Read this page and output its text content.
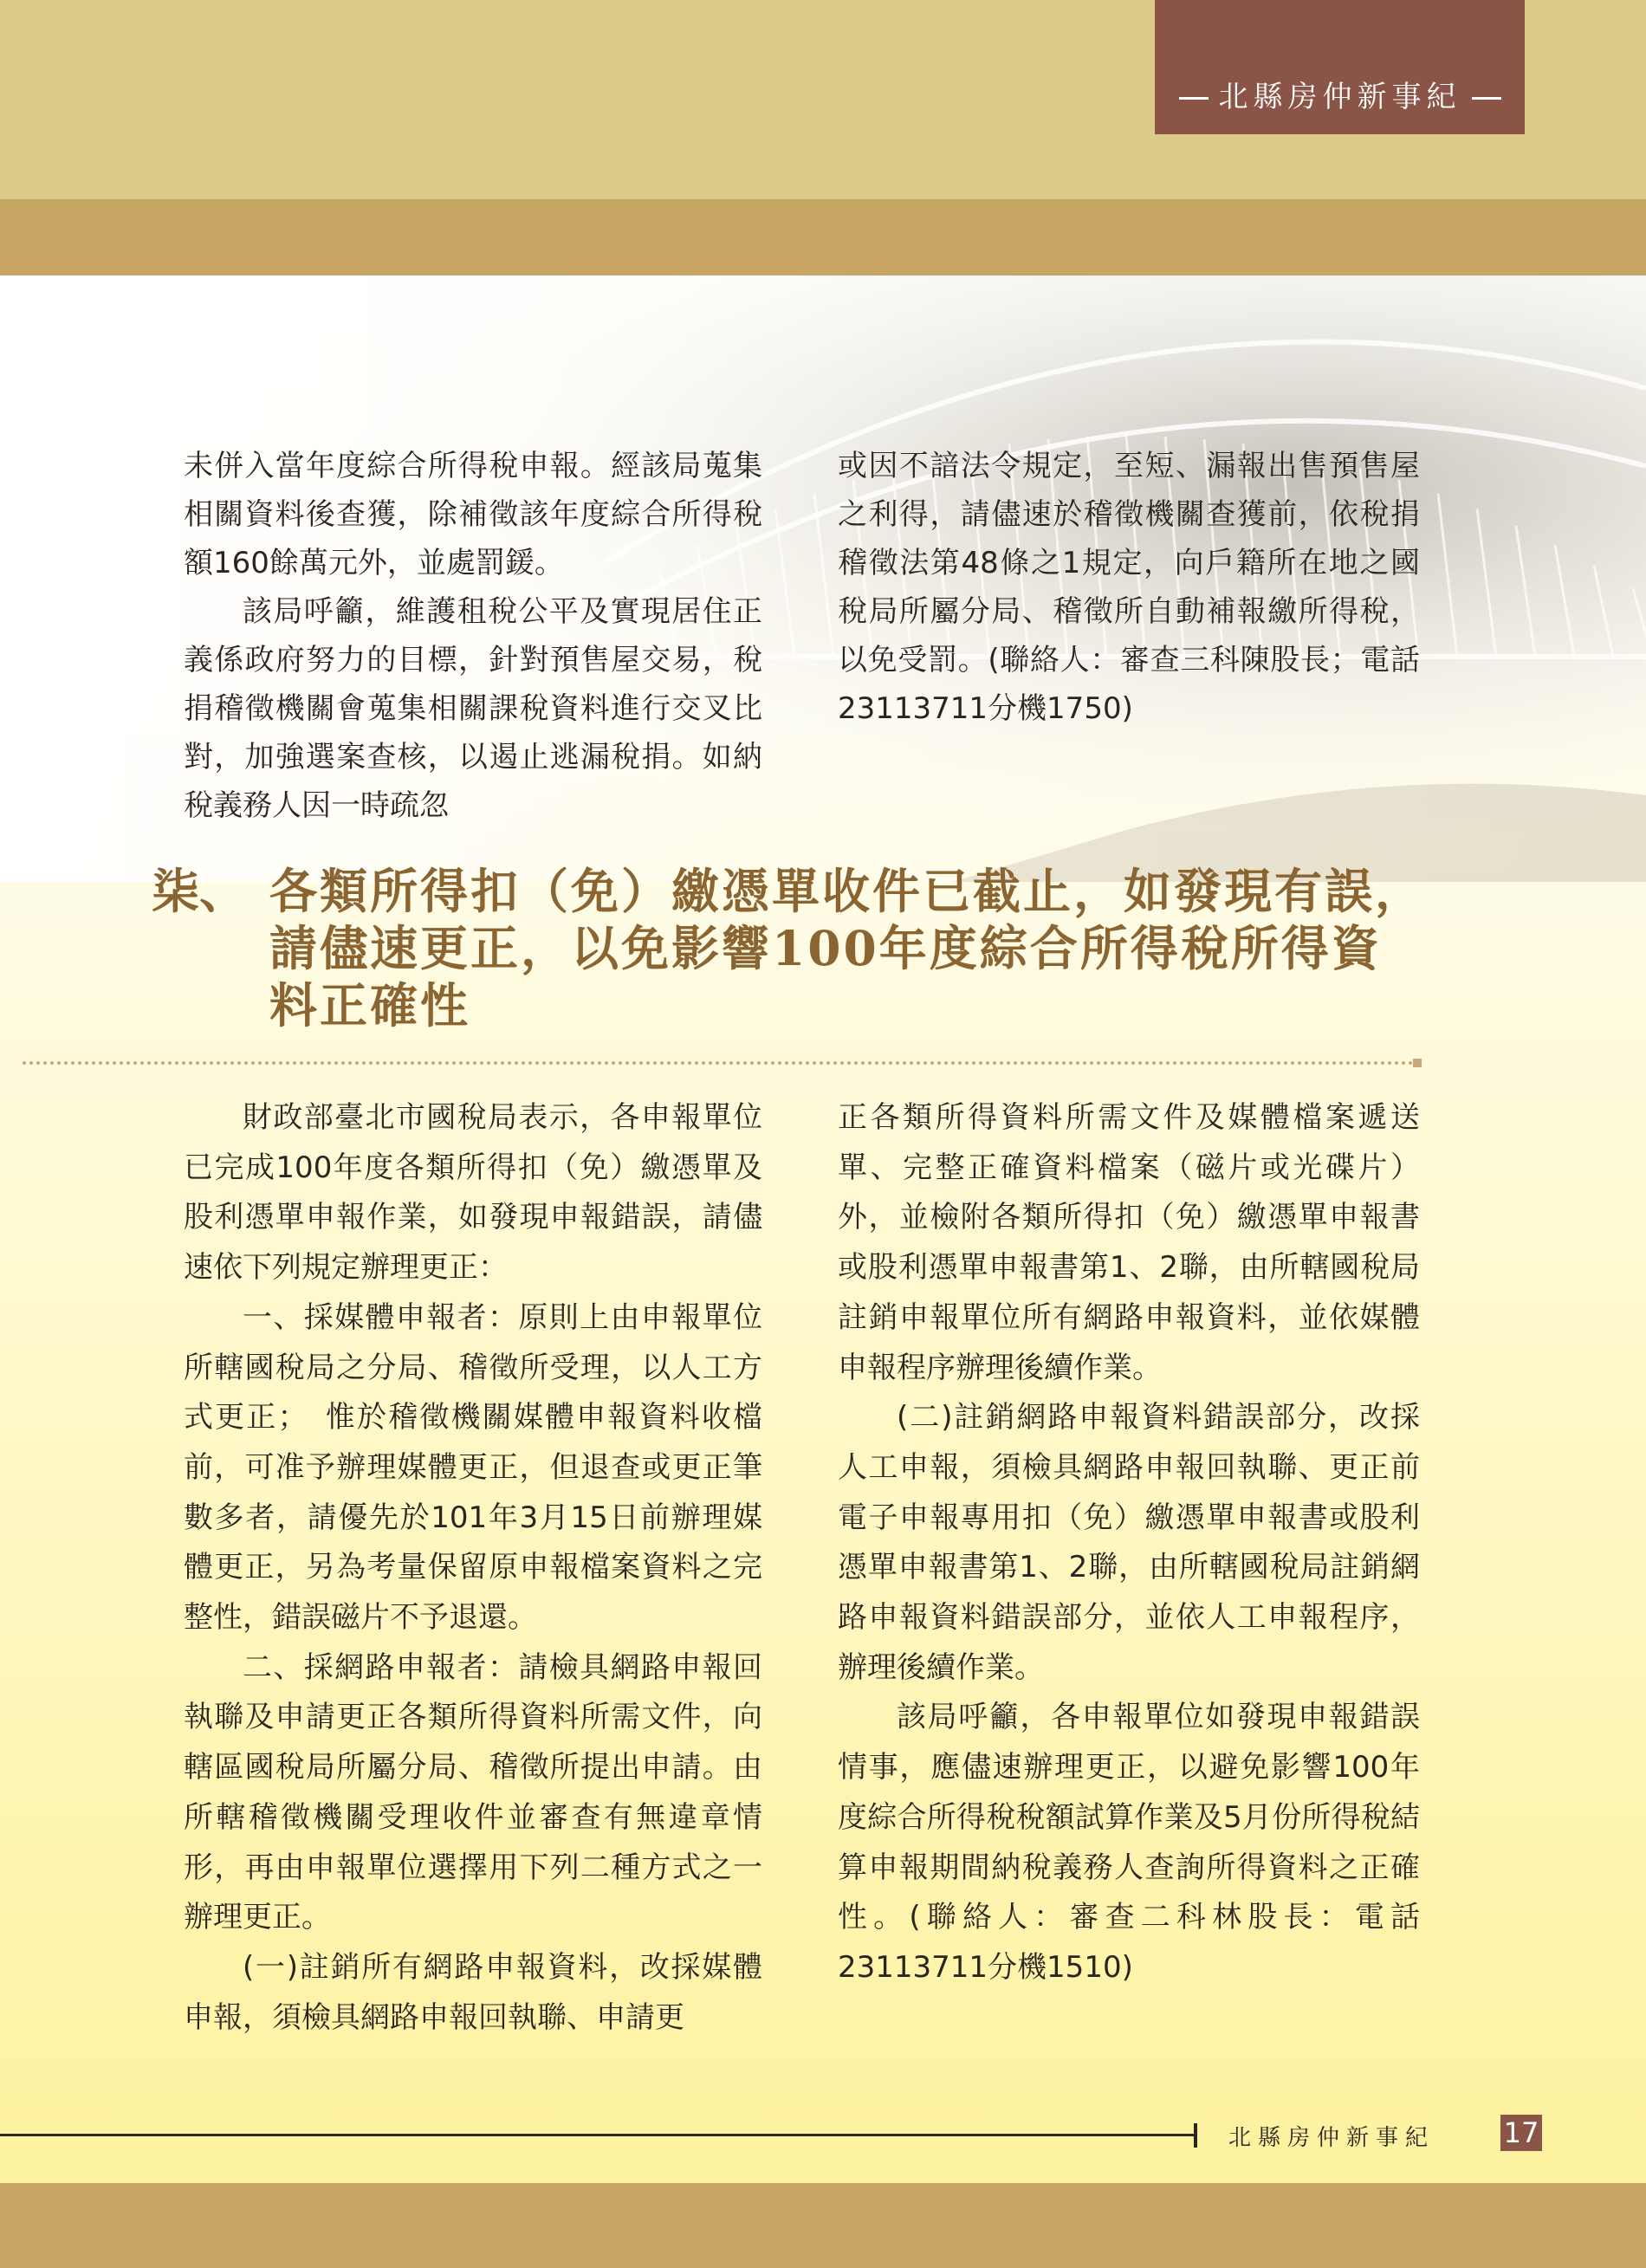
北縣房仲新事紀

未併入當年度綜合所得稅申報。經該局蒐集相關資料後查獲，除補徵該年度綜合所得稅額160餘萬元外，並處罰鍰。

該局呼籲，維護租稅公平及實現居住正義係政府努力的目標，針對預售屋交易，稅捐稽徵機關會蒐集相關課稅資料進行交叉比對，加強選案查核，以遏止逃漏稅捐。如納稅義務人因一時疏忽

或因不諳法令規定，至短、漏報出售預售屋之利得，請儘速於稽徵機關查獲前，依稅捐稽徵法第48條之1規定，向戶籍所在地之國稅局所屬分局、稽徵所自動補報繳所得稅，以免受罰。(聯絡人：審查三科陳股長；電話23113711分機1750)

柒、 各類所得扣（免）繳憑單收件已截止，如發現有誤，請儘速更正，以免影響100年度綜合所得稅所得資料正確性

財政部臺北市國稅局表示，各申報單位已完成100年度各類所得扣（免）繳憑單及股利憑單申報作業，如發現申報錯誤，請儘速依下列規定辦理更正：

一、採媒體申報者：原則上由申報單位所轄國稅局之分局、稽徵所受理，以人工方式更正；　惟於稽徵機關媒體申報資料收檔前，可准予辦理媒體更正，但退查或更正筆數多者，請優先於101年3月15日前辦理媒體更正，另為考量保留原申報檔案資料之完整性，錯誤磁片不予退還。

二、採網路申報者：請檢具網路申報回執聯及申請更正各類所得資料所需文件，向轄區國稅局所屬分局、稽徵所提出申請。由所轄稽徵機關受理收件並審查有無違章情形，再由申報單位選擇用下列二種方式之一辦理更正。

(一)註銷所有網路申報資料，改採媒體申報，須檢具網路申報回執聯、申請更

正各類所得資料所需文件及媒體檔案遞送單、完整正確資料檔案（磁片或光碟片）外，並檢附各類所得扣（免）繳憑單申報書或股利憑單申報書第1、2聯，由所轄國稅局註銷申報單位所有網路申報資料，並依媒體申報程序辦理後續作業。

(二)註銷網路申報資料錯誤部分，改採人工申報，須檢具網路申報回執聯、更正前電子申報專用扣（免）繳憑單申報書或股利憑單申報書第1、2聯，由所轄國稅局註銷網路申報資料錯誤部分，並依人工申報程序，辦理後續作業。

該局呼籲，各申報單位如發現申報錯誤情事，應儘速辦理更正，以避免影響100年度綜合所得稅稅額試算作業及5月份所得稅結算申報期間納稅義務人查詢所得資料之正確性。(聯絡人：審查二科林股長：電話23113711分機1510)

北縣房仲新事紀 17
